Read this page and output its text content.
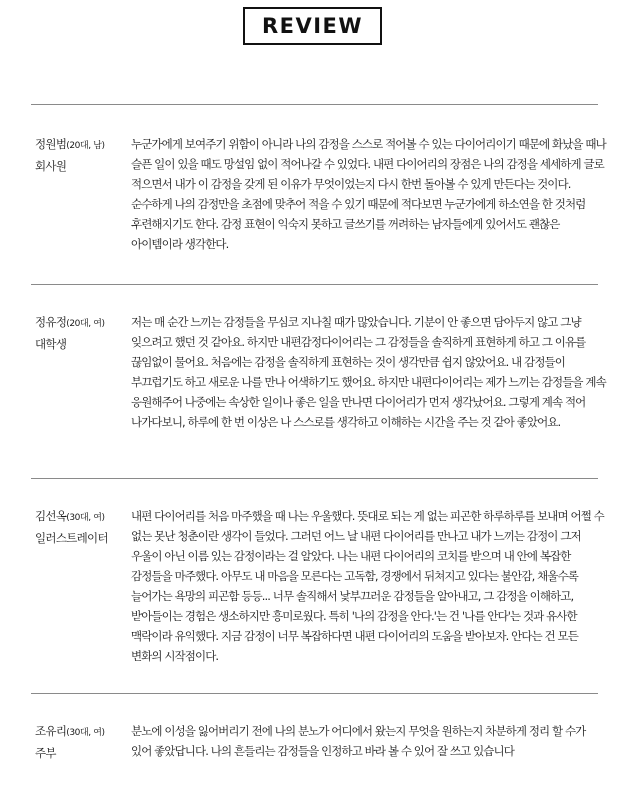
REVIEW
정원범(20대, 남)
회사원

누군가에게 보여주기 위함이 아니라 나의 감정을 스스로 적어볼 수 있는 다이어리이기 때문에 화났을 때나 슬픈 일이 있을 때도 망설임 없이 적어나갈 수 있었다. 내편 다이어리의 장점은 나의 감정을 세세하게 글로 적으면서 내가 이 감정을 갖게 된 이유가 무엇이었는지 다시 한번 돌아볼 수 있게 만든다는 것이다. 순수하게 나의 감정만을 초점에 맞추어 적을 수 있기 때문에 적다보면 누군가에게 하소연을 한 것처럼 후련해지기도 한다. 감정 표현이 익숙지 못하고 글쓰기를 꺼려하는 남자들에게 있어서도 괜찮은 아이템이라 생각한다.

정유정(20대, 여)
대학생

저는 매 순간 느끼는 감정들을 무심코 지나칠 때가 많았습니다. 기분이 안 좋으면 담아두지 않고 그냥 잊으려고 했던 것 같아요. 하지만 내편감정다이어리는 그 감정들을 솔직하게 표현하게 하고 그 이유를 끊임없이 물어요. 처음에는 감정을 솔직하게 표현하는 것이 생각만큼 쉽지 않았어요. 내 감정들이 부끄럽기도 하고 새로운 나를 만나 어색하기도 했어요. 하지만 내편다이어리는 제가 느끼는 감정들을 계속 응원해주어 나중에는 속상한 일이나 좋은 일을 만나면 다이어리가 먼저 생각났어요. 그렇게 계속 적어 나가다보니, 하루에 한 번 이상은 나 스스로를 생각하고 이해하는 시간을 주는 것 같아 좋았어요.

김선옥(30대, 여)
일러스트레이터

내편 다이어리를 처음 마주했을 때 나는 우울했다. 뜻대로 되는 게 없는 피곤한 하루하루를 보내며 어쩔 수 없는 못난 청춘이란 생각이 들었다. 그러던 어느 날 내편 다이어리를 만나고 내가 느끼는 감정이 그저 우울이 아닌 이름 있는 감정이라는 걸 알았다. 나는 내편 다이어리의 코치를 받으며 내 안에 복잡한 감정들을 마주했다. 아무도 내 마음을 모른다는 고독함, 경쟁에서 뒤쳐지고 있다는 불안감, 채울수록 늘어가는 욕망의 피곤함 등등... 너무 솔직해서 낯부끄러운 감정들을 알아내고, 그 감정을 이해하고, 받아들이는 경험은 생소하지만 흥미로웠다. 특히 '나의 감정을 안다.'는 건 '나를 안다'는 것과 유사한 맥락이라 유익했다. 지금 감정이 너무 복잡하다면 내편 다이어리의 도움을 받아보자. 안다는 건 모든 변화의 시작점이다.

조유리(30대, 여)
주부

분노에 이성을 잃어버리기 전에 나의 분노가 어디에서 왔는지 무엇을 원하는지 차분하게 정리 할 수가 있어 좋았답니다. 나의 흔들리는 감정들을 인정하고 바라 볼 수 있어 잘 쓰고 있습니다
